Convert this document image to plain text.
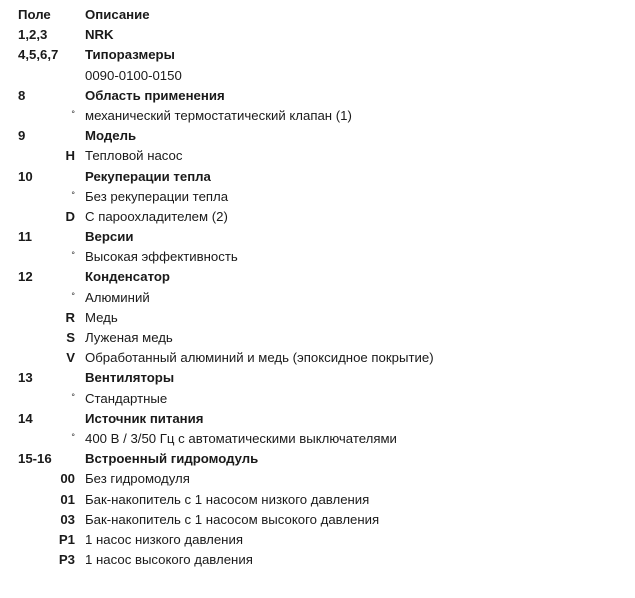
Поле	Описание
1,2,3	NRK
4,5,6,7 Типоразмеры
0090-0100-0150
8	Область применения
° механический термостатический клапан (1)
9	Модель
H Тепловой насос
10	Рекуперации тепла
° Без рекуперации тепла
D С пароохладителем (2)
11	Версии
° Высокая эффективность
12	Конденсатор
° Алюминий
R Медь
S Луженая медь
V Обработанный алюминий и медь (эпоксидное покрытие)
13	Вентиляторы
° Стандартные
14	Источник питания
° 400 В / 3/50 Гц с автоматическими выключателями
15-16	Встроенный гидромодуль
00 Без гидромодуля
01 Бак-накопитель с 1 насосом низкого давления
03 Бак-накопитель с 1 насосом высокого давления
P1 1 насос низкого давления
P3 1 насос высокого давления
